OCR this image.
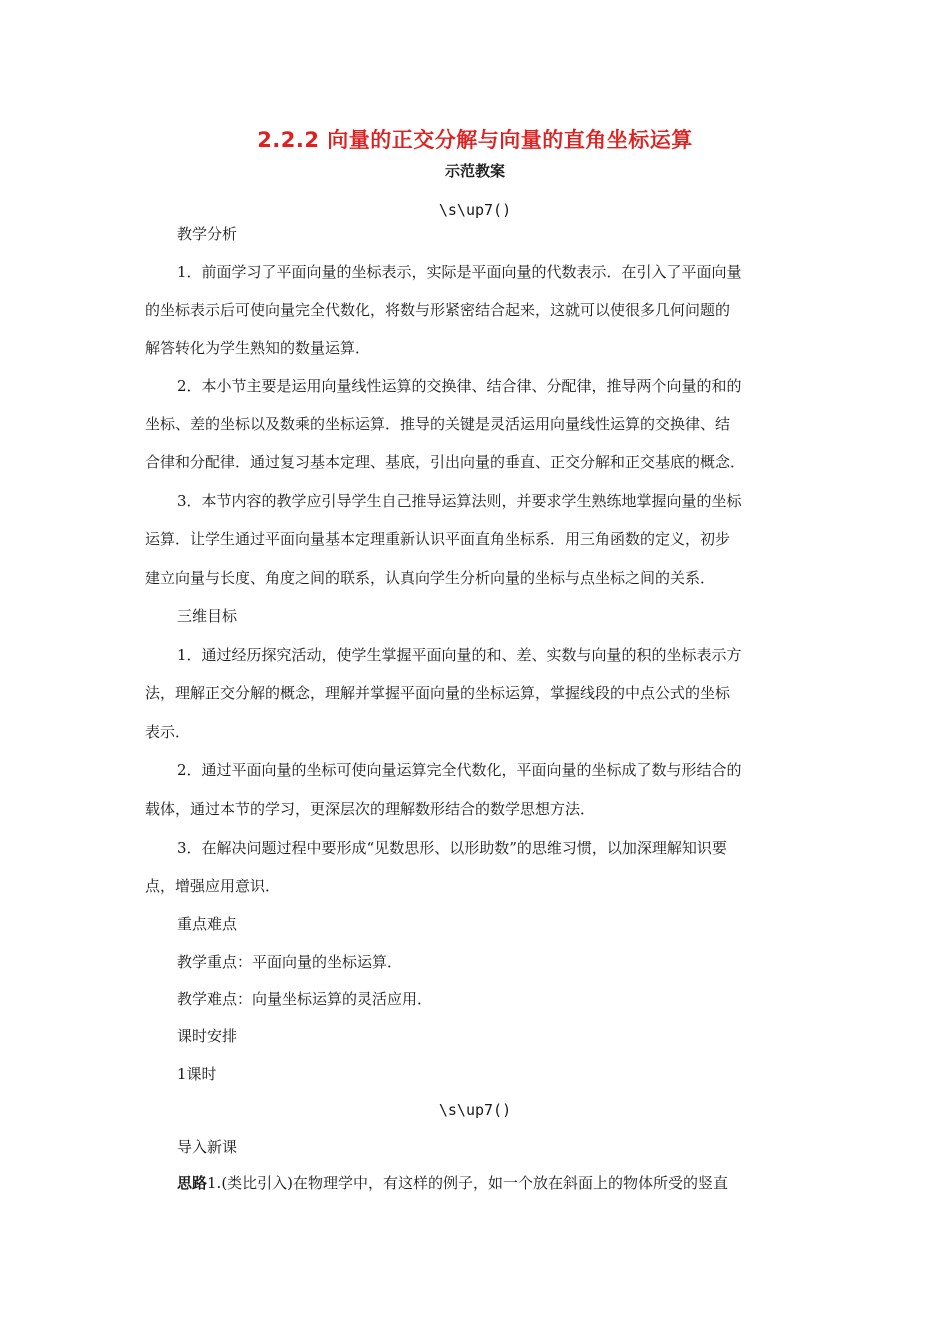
2.2.2 向量的正交分解与向量的直角坐标运算
示范教案
\s\up7()
教学分析
1．前面学习了平面向量的坐标表示，实际是平面向量的代数表示．在引入了平面向量
的坐标表示后可使向量完全代数化，将数与形紧密结合起来，这就可以使很多几何问题的
解答转化为学生熟知的数量运算．
2．本小节主要是运用向量线性运算的交换律、结合律、分配律，推导两个向量的和的
坐标、差的坐标以及数乘的坐标运算．推导的关键是灵活运用向量线性运算的交换律、结
合律和分配律．通过复习基本定理、基底，引出向量的垂直、正交分解和正交基底的概念．
3．本节内容的教学应引导学生自己推导运算法则，并要求学生熟练地掌握向量的坐标
运算．让学生通过平面向量基本定理重新认识平面直角坐标系．用三角函数的定义，初步
建立向量与长度、角度之间的联系，认真向学生分析向量的坐标与点坐标之间的关系．
三维目标
1．通过经历探究活动，使学生掌握平面向量的和、差、实数与向量的积的坐标表示方
法，理解正交分解的概念，理解并掌握平面向量的坐标运算，掌握线段的中点公式的坐标
表示．
2．通过平面向量的坐标可使向量运算完全代数化，平面向量的坐标成了数与形结合的
载体，通过本节的学习，更深层次的理解数形结合的数学思想方法．
3．在解决问题过程中要形成“见数思形、以形助数”的思维习惯，以加深理解知识要
点，增强应用意识．
重点难点
教学重点：平面向量的坐标运算．
教学难点：向量坐标运算的灵活应用．
课时安排
1课时
\s\up7()
导入新课
思路1.(类比引入)在物理学中，有这样的例子，如一个放在斜面上的物体所受的竖直
